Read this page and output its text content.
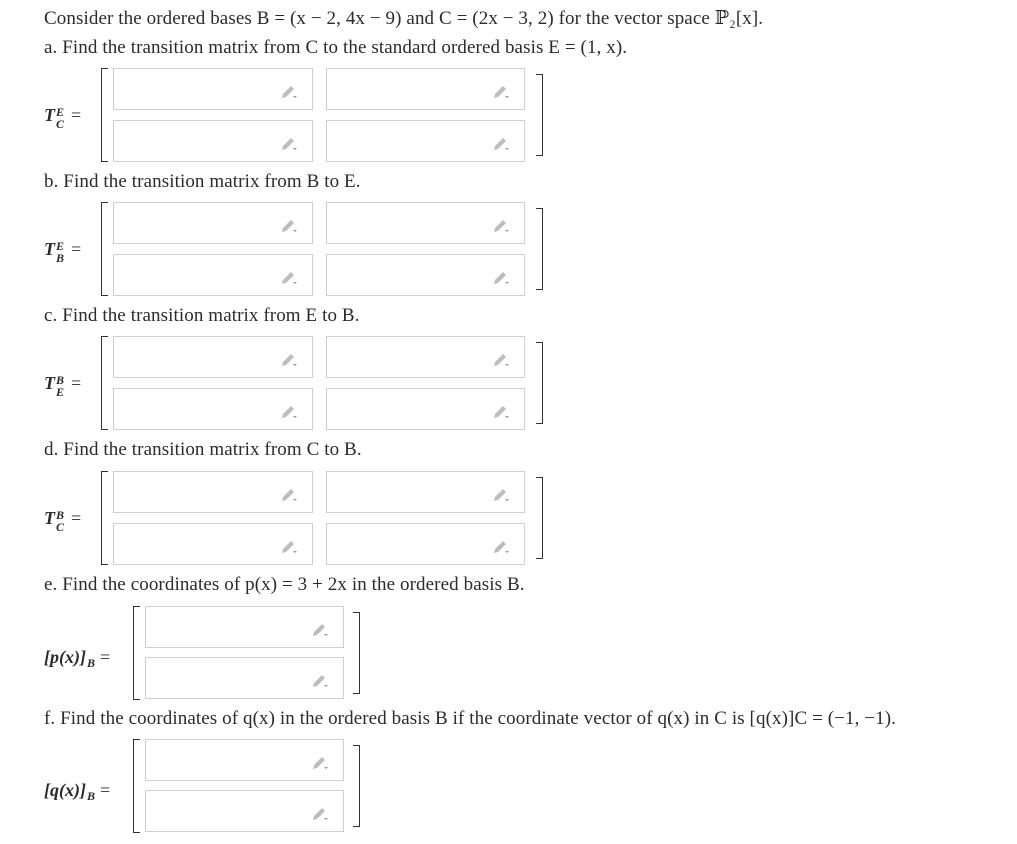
Consider the ordered bases B = (x − 2, 4x − 9) and C = (2x − 3, 2) for the vector space ℙ₂[x].
a. Find the transition matrix from C to the standard ordered basis E = (1, x).
b. Find the transition matrix from B to E.
c. Find the transition matrix from E to B.
d. Find the transition matrix from C to B.
e. Find the coordinates of p(x) = 3 + 2x in the ordered basis B.
f. Find the coordinates of q(x) in the ordered basis B if the coordinate vector of q(x) in C is [q(x)]C = (−1, −1).
T E
C =
T E
B =
T B
E =
T B
C =
[p(x)] B =
[q(x)] B =
